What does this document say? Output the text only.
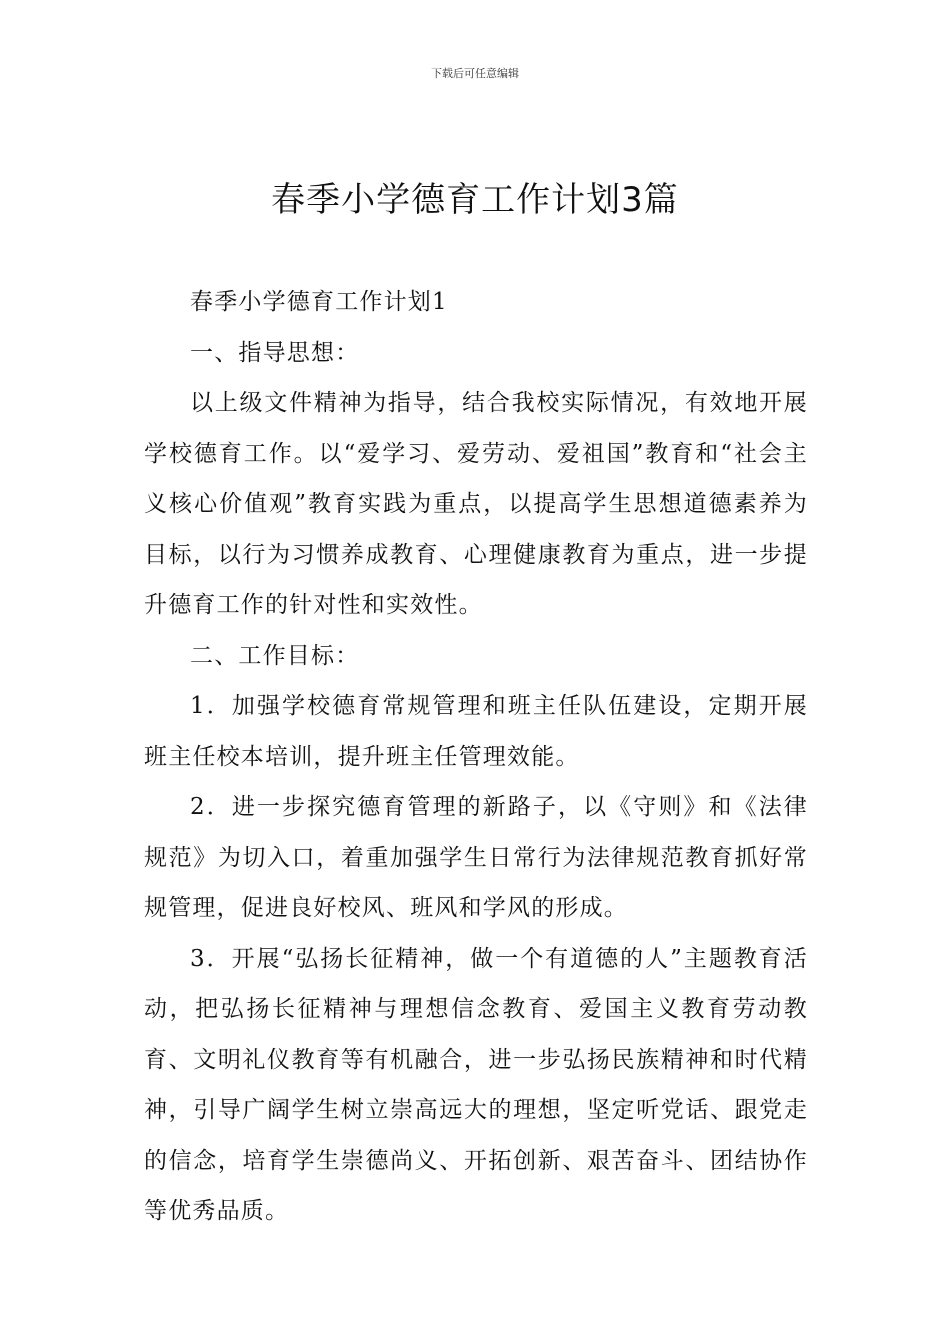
下载后可任意编辑
春季小学德育工作计划3篇

春季小学德育工作计划1

一、指导思想：

以上级文件精神为指导，结合我校实际情况，有效地开展学校德育工作。以“爱学习、爱劳动、爱祖国”教育和“社会主义核心价值观”教育实践为重点，以提高学生思想道德素养为目标，以行为习惯养成教育、心理健康教育为重点，进一步提升德育工作的针对性和实效性。

二、工作目标：

1．加强学校德育常规管理和班主任队伍建设，定期开展班主任校本培训，提升班主任管理效能。

2．进一步探究德育管理的新路子，以《守则》和《法律规范》为切入口，着重加强学生日常行为法律规范教育抓好常规管理，促进良好校风、班风和学风的形成。

3．开展“弘扬长征精神，做一个有道德的人”主题教育活动，把弘扬长征精神与理想信念教育、爱国主义教育劳动教育、文明礼仪教育等有机融合，进一步弘扬民族精神和时代精神，引导广阔学生树立崇高远大的理想，坚定听党话、跟党走的信念，培育学生崇德尚义、开拓创新、艰苦奋斗、团结协作等优秀品质。
